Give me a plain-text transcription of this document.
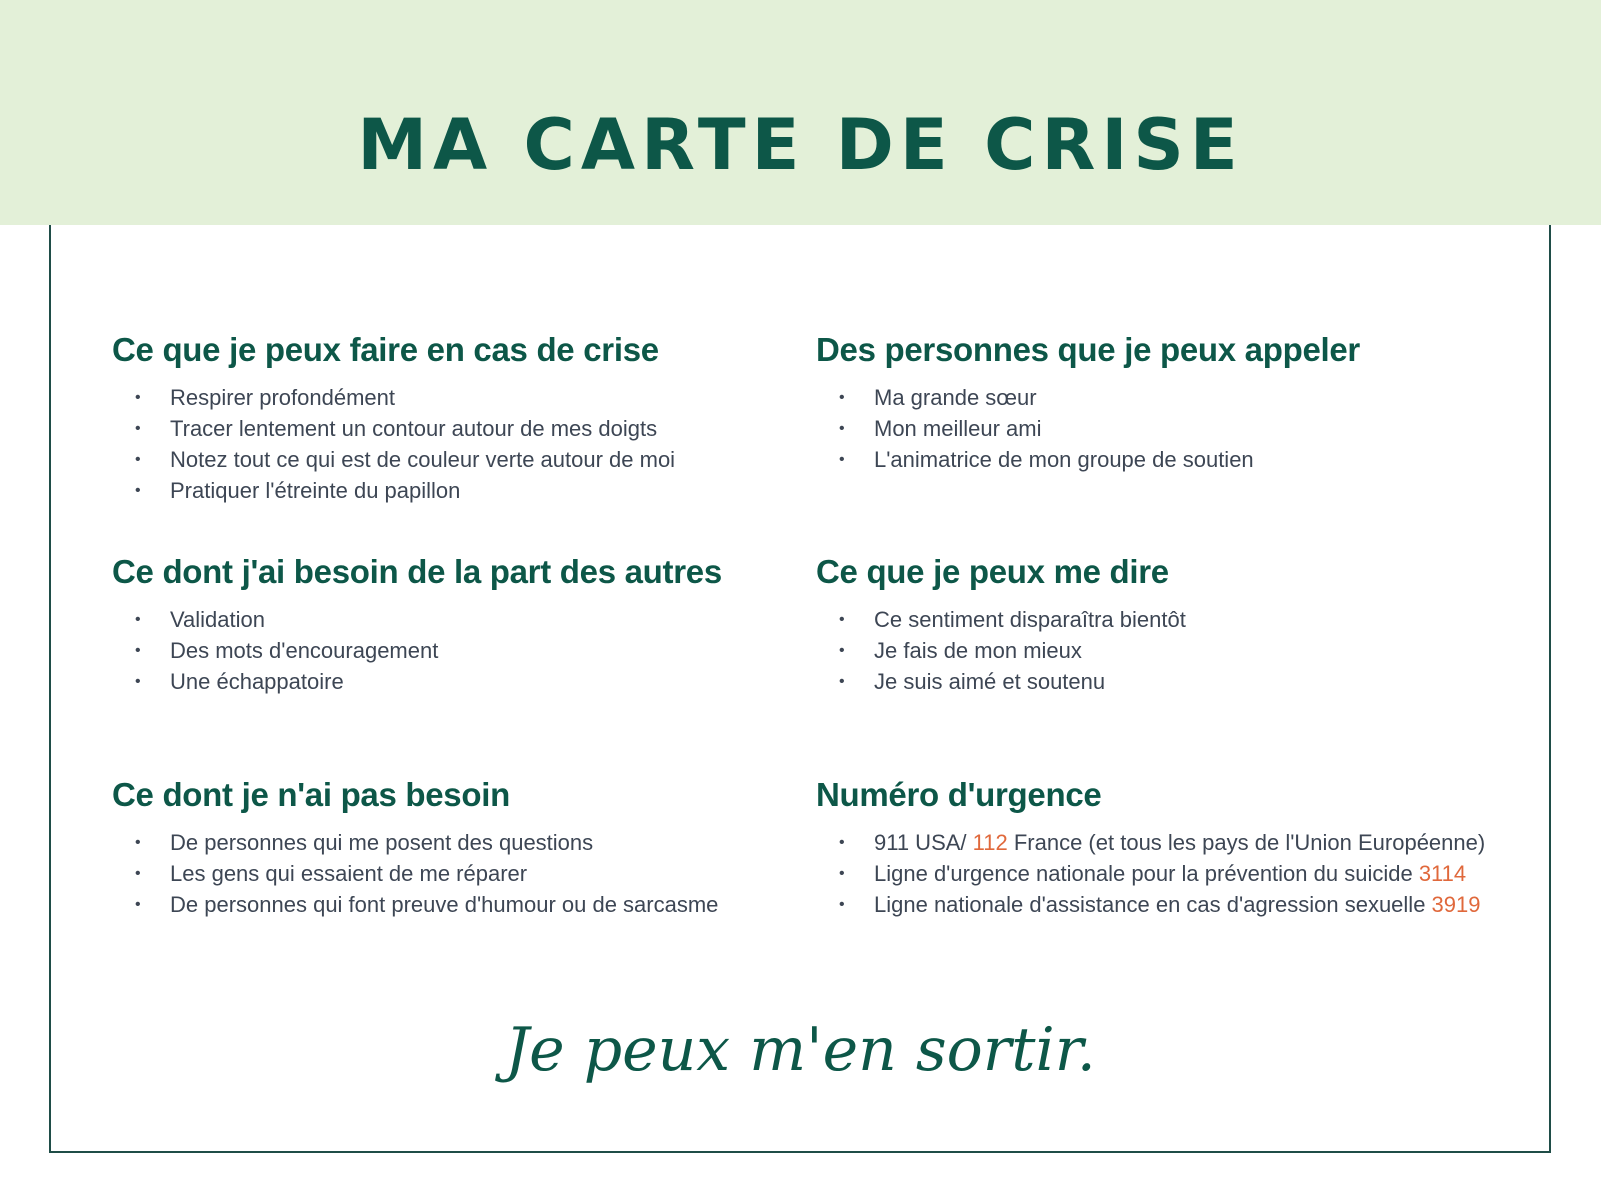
MA CARTE DE CRISE
Ce que je peux faire en cas de crise
• Respirer profondément
• Tracer lentement un contour autour de mes doigts
• Notez tout ce qui est de couleur verte autour de moi
• Pratiquer l'étreinte du papillon
Des personnes que je peux appeler
• Ma grande sœur
• Mon meilleur ami
• L'animatrice de mon groupe de soutien
Ce dont j'ai besoin de la part des autres
• Validation
• Des mots d'encouragement
• Une échappatoire
Ce que je peux me dire
• Ce sentiment disparaîtra bientôt
• Je fais de mon mieux
• Je suis aimé et soutenu
Ce dont je n'ai pas besoin
• De personnes qui me posent des questions
• Les gens qui essaient de me réparer
• De personnes qui font preuve d'humour ou de sarcasme
Numéro d'urgence
• 911 USA/ 112 France (et tous les pays de l'Union Européenne)
• Ligne d'urgence nationale pour la prévention du suicide 3114
• Ligne nationale d'assistance en cas d'agression sexuelle 3919

Je peux m'en sortir.
